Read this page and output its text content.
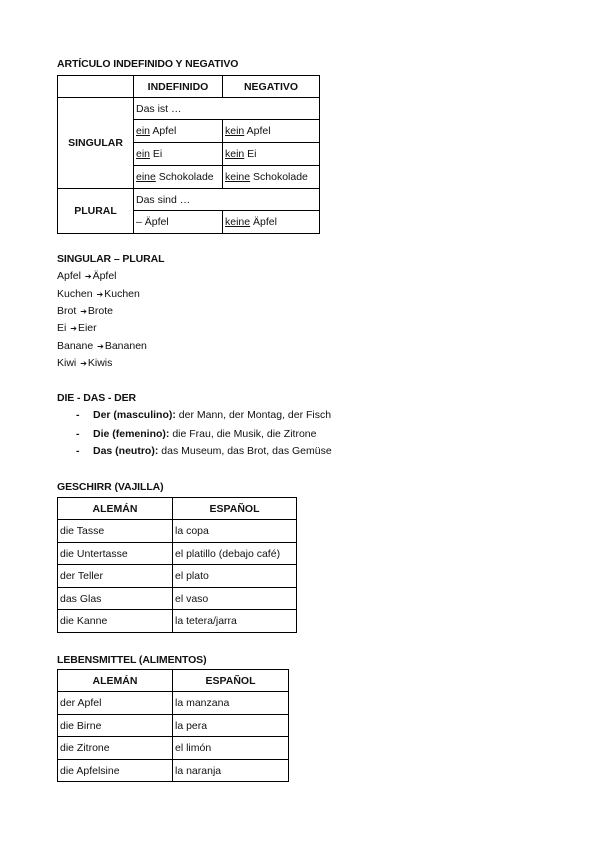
ARTÍCULO INDEFINIDO Y NEGATIVO
	INDEFINIDO	NEGATIVO
SINGULAR	Das ist …	
	ein Apfel	kein Apfel
	ein Ei	kein Ei
	eine Schokolade	keine Schokolade
PLURAL	Das sind …	
	– Äpfel	keine Äpfel
SINGULAR – PLURAL
Apfel ➔Äpfel
Kuchen ➔Kuchen
Brot ➔Brote
Ei ➔Eier
Banane ➔Bananen
Kiwi ➔Kiwis
DIE - DAS - DER
- Der (masculino): der Mann, der Montag, der Fisch
- Die (femenino): die Frau, die Musik, die Zitrone
- Das (neutro): das Museum, das Brot, das Gemüse
GESCHIRR (VAJILLA)
ALEMÁN	ESPAÑOL
die Tasse	la copa
die Untertasse	el platillo (debajo café)
der Teller	el plato
das Glas	el vaso
die Kanne	la tetera/jarra
LEBENSMITTEL (ALIMENTOS)
ALEMÁN	ESPAÑOL
der Apfel	la manzana
die Birne	la pera
die Zitrone	el limón
die Apfelsine	la naranja
